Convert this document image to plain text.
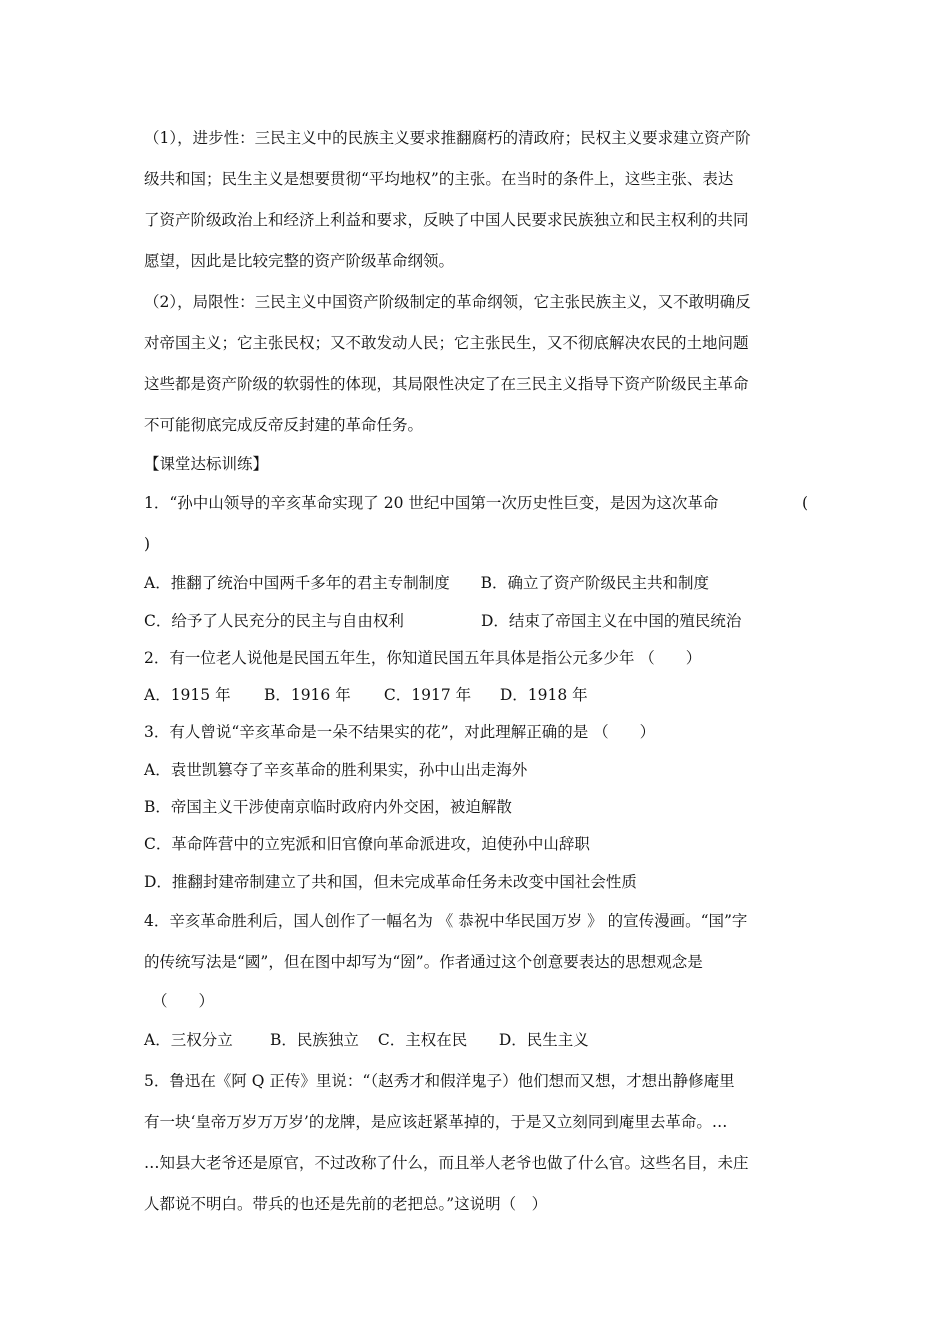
（1），进步性：三民主义中的民族主义要求推翻腐朽的清政府；民权主义要求建立资产阶

级共和国；民生主义是想要贯彻“平均地权”的主张。在当时的条件上，这些主张、表达

了资产阶级政治上和经济上利益和要求，反映了中国人民要求民族独立和民主权利的共同

愿望，因此是比较完整的资产阶级革命纲领。

（2），局限性：三民主义中国资产阶级制定的革命纲领，它主张民族主义，又不敢明确反

对帝国主义；它主张民权；又不敢发动人民；它主张民生，又不彻底解决农民的土地问题

这些都是资产阶级的软弱性的体现，其局限性决定了在三民主义指导下资产阶级民主革命

不可能彻底完成反帝反封建的革命任务。

【课堂达标训练】

1．“孙中山领导的辛亥革命实现了 20 世纪中国第一次历史性巨变，是因为这次革命	(

)

A．推翻了统治中国两千多年的君主专制制度 B．确立了资产阶级民主共和制度

C．给予了人民充分的民主与自由权利	D．结束了帝国主义在中国的殖民统治

2．有一位老人说他是民国五年生，你知道民国五年具体是指公元多少年 （　　）

A．1915 年 B．1916 年 C．1917 年 D．1918 年

3．有人曾说“辛亥革命是一朵不结果实的花”，对此理解正确的是 （　　）

A．袁世凯篡夺了辛亥革命的胜利果实，孙中山出走海外

B．帝国主义干涉使南京临时政府内外交困，被迫解散

C．革命阵营中的立宪派和旧官僚向革命派进攻，迫使孙中山辞职

D．推翻封建帝制建立了共和国，但未完成革命任务未改变中国社会性质

4．辛亥革命胜利后，国人创作了一幅名为 《 恭祝中华民国万岁 》 的宣传漫画。“国”字

的传统写法是“國”，但在图中却写为“圀”。作者通过这个创意要表达的思想观念是

（　　）

A．三权分立 B．民族独立 C．主权在民 D．民生主义

5．鲁迅在《阿 Q 正传》里说：“（赵秀才和假洋鬼子）他们想而又想，才想出静修庵里

有一块‘皇帝万岁万万岁’的龙牌，是应该赶紧革掉的，于是又立刻同到庵里去革命。…

…知县大老爷还是原官，不过改称了什么，而且举人老爷也做了什么官。这些名目，未庄

人都说不明白。带兵的也还是先前的老把总。”这说明（　）
